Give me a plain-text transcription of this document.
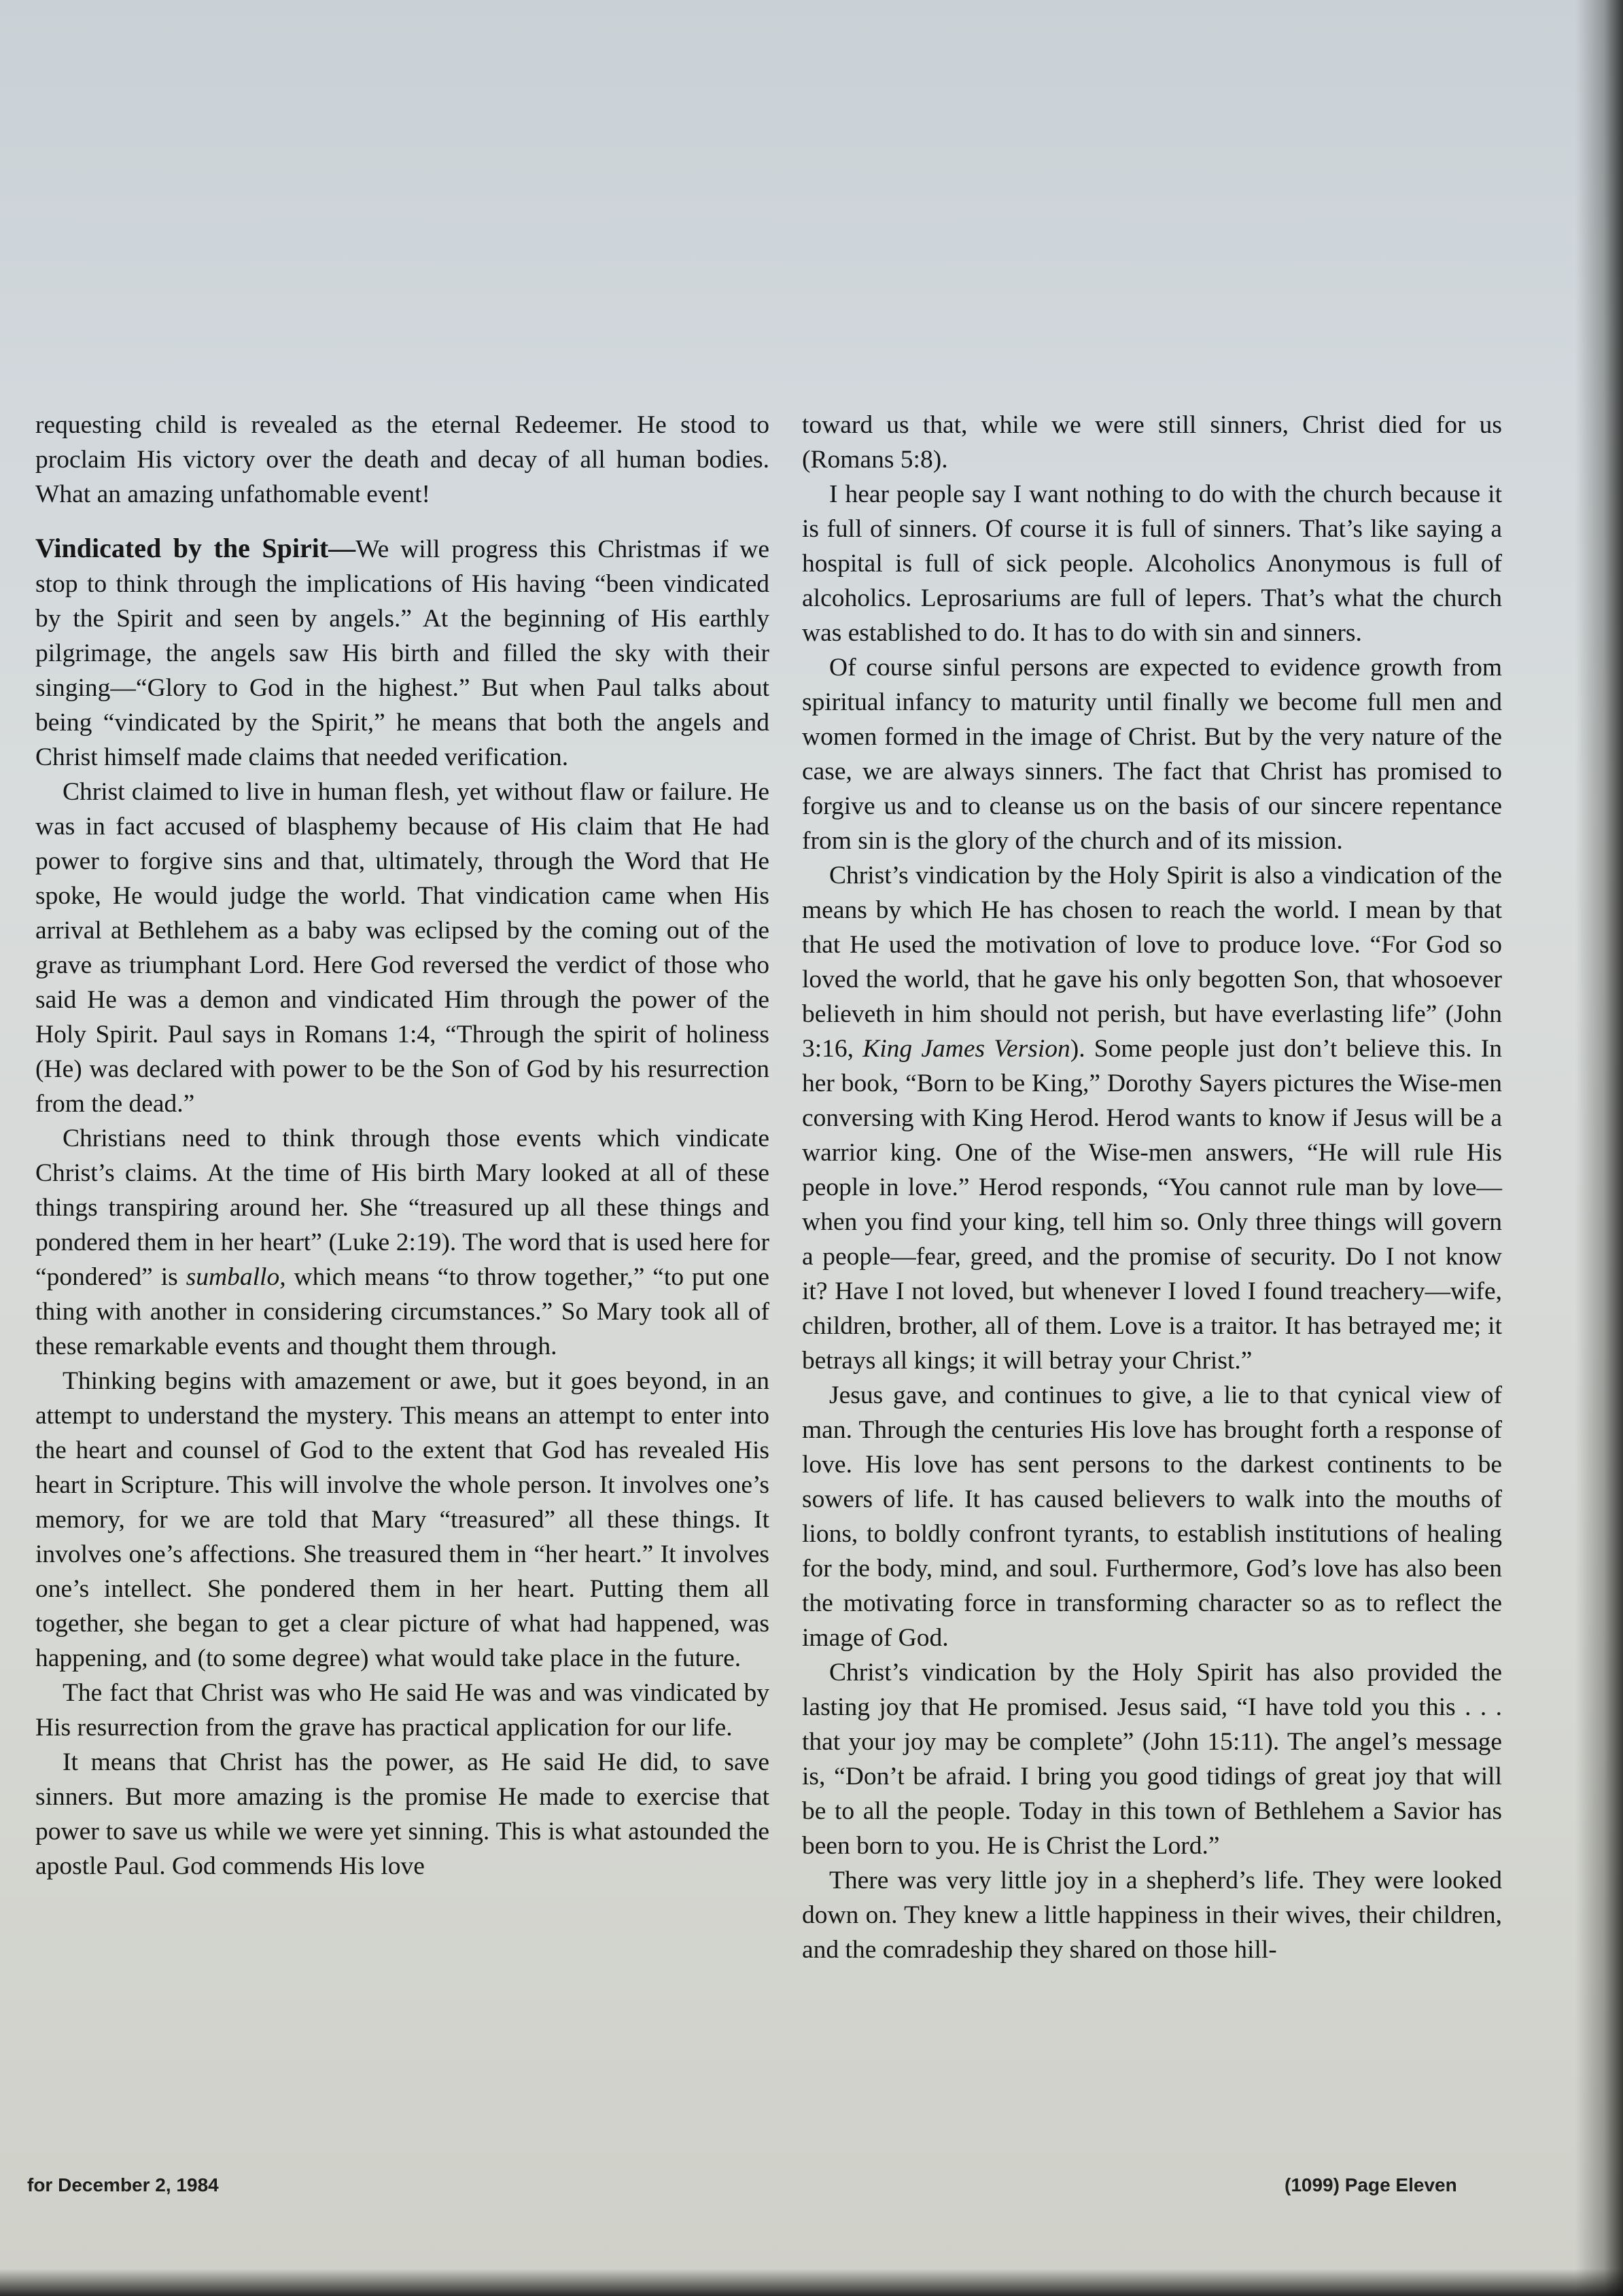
requesting child is revealed as the eternal Redeemer. He stood to proclaim His victory over the death and decay of all human bodies. What an amazing unfathomable event!

Vindicated by the Spirit—We will progress this Christmas if we stop to think through the implications of His having “been vindicated by the Spirit and seen by angels.” At the beginning of His earthly pilgrimage, the angels saw His birth and filled the sky with their singing—“Glory to God in the highest.” But when Paul talks about being “vindicated by the Spirit,” he means that both the angels and Christ himself made claims that needed verification.

Christ claimed to live in human flesh, yet without flaw or failure. He was in fact accused of blasphemy because of His claim that He had power to forgive sins and that, ultimately, through the Word that He spoke, He would judge the world. That vindication came when His arrival at Bethlehem as a baby was eclipsed by the coming out of the grave as triumphant Lord. Here God reversed the verdict of those who said He was a demon and vindicated Him through the power of the Holy Spirit. Paul says in Romans 1:4, “Through the spirit of holiness (He) was declared with power to be the Son of God by his resurrection from the dead.”

Christians need to think through those events which vindicate Christ’s claims. At the time of His birth Mary looked at all of these things transpiring around her. She “treasured up all these things and pondered them in her heart” (Luke 2:19). The word that is used here for “pondered” is sumballo, which means “to throw together,” “to put one thing with another in considering circumstances.” So Mary took all of these remarkable events and thought them through.

Thinking begins with amazement or awe, but it goes beyond, in an attempt to understand the mystery. This means an attempt to enter into the heart and counsel of God to the extent that God has revealed His heart in Scripture. This will involve the whole person. It involves one’s memory, for we are told that Mary “treasured” all these things. It involves one’s affections. She treasured them in “her heart.” It involves one’s intellect. She pondered them in her heart. Putting them all together, she began to get a clear picture of what had happened, was happening, and (to some degree) what would take place in the future.

The fact that Christ was who He said He was and was vindicated by His resurrection from the grave has practical application for our life.

It means that Christ has the power, as He said He did, to save sinners. But more amazing is the promise He made to exercise that power to save us while we were yet sinning. This is what astounded the apostle Paul. God commends His love

toward us that, while we were still sinners, Christ died for us (Romans 5:8).

I hear people say I want nothing to do with the church because it is full of sinners. Of course it is full of sinners. That’s like saying a hospital is full of sick people. Alcoholics Anonymous is full of alcoholics. Leprosariums are full of lepers. That’s what the church was established to do. It has to do with sin and sinners.

Of course sinful persons are expected to evidence growth from spiritual infancy to maturity until finally we become full men and women formed in the image of Christ. But by the very nature of the case, we are always sinners. The fact that Christ has promised to forgive us and to cleanse us on the basis of our sincere repentance from sin is the glory of the church and of its mission.

Christ’s vindication by the Holy Spirit is also a vindication of the means by which He has chosen to reach the world. I mean by that that He used the motivation of love to produce love. “For God so loved the world, that he gave his only begotten Son, that whosoever believeth in him should not perish, but have everlasting life” (John 3:16, King James Version). Some people just don’t believe this. In her book, “Born to be King,” Dorothy Sayers pictures the Wise-men conversing with King Herod. Herod wants to know if Jesus will be a warrior king. One of the Wise-men answers, “He will rule His people in love.” Herod responds, “You cannot rule man by love—when you find your king, tell him so. Only three things will govern a people—fear, greed, and the promise of security. Do I not know it? Have I not loved, but whenever I loved I found treachery—wife, children, brother, all of them. Love is a traitor. It has betrayed me; it betrays all kings; it will betray your Christ.”

Jesus gave, and continues to give, a lie to that cynical view of man. Through the centuries His love has brought forth a response of love. His love has sent persons to the darkest continents to be sowers of life. It has caused believers to walk into the mouths of lions, to boldly confront tyrants, to establish institutions of healing for the body, mind, and soul. Furthermore, God’s love has also been the motivating force in transforming character so as to reflect the image of God.

Christ’s vindication by the Holy Spirit has also provided the lasting joy that He promised. Jesus said, “I have told you this . . . that your joy may be complete” (John 15:11). The angel’s message is, “Don’t be afraid. I bring you good tidings of great joy that will be to all the people. Today in this town of Bethlehem a Savior has been born to you. He is Christ the Lord.”

There was very little joy in a shepherd’s life. They were looked down on. They knew a little happiness in their wives, their children, and the comradeship they shared on those hill-

for December 2, 1984	(1099) Page Eleven
